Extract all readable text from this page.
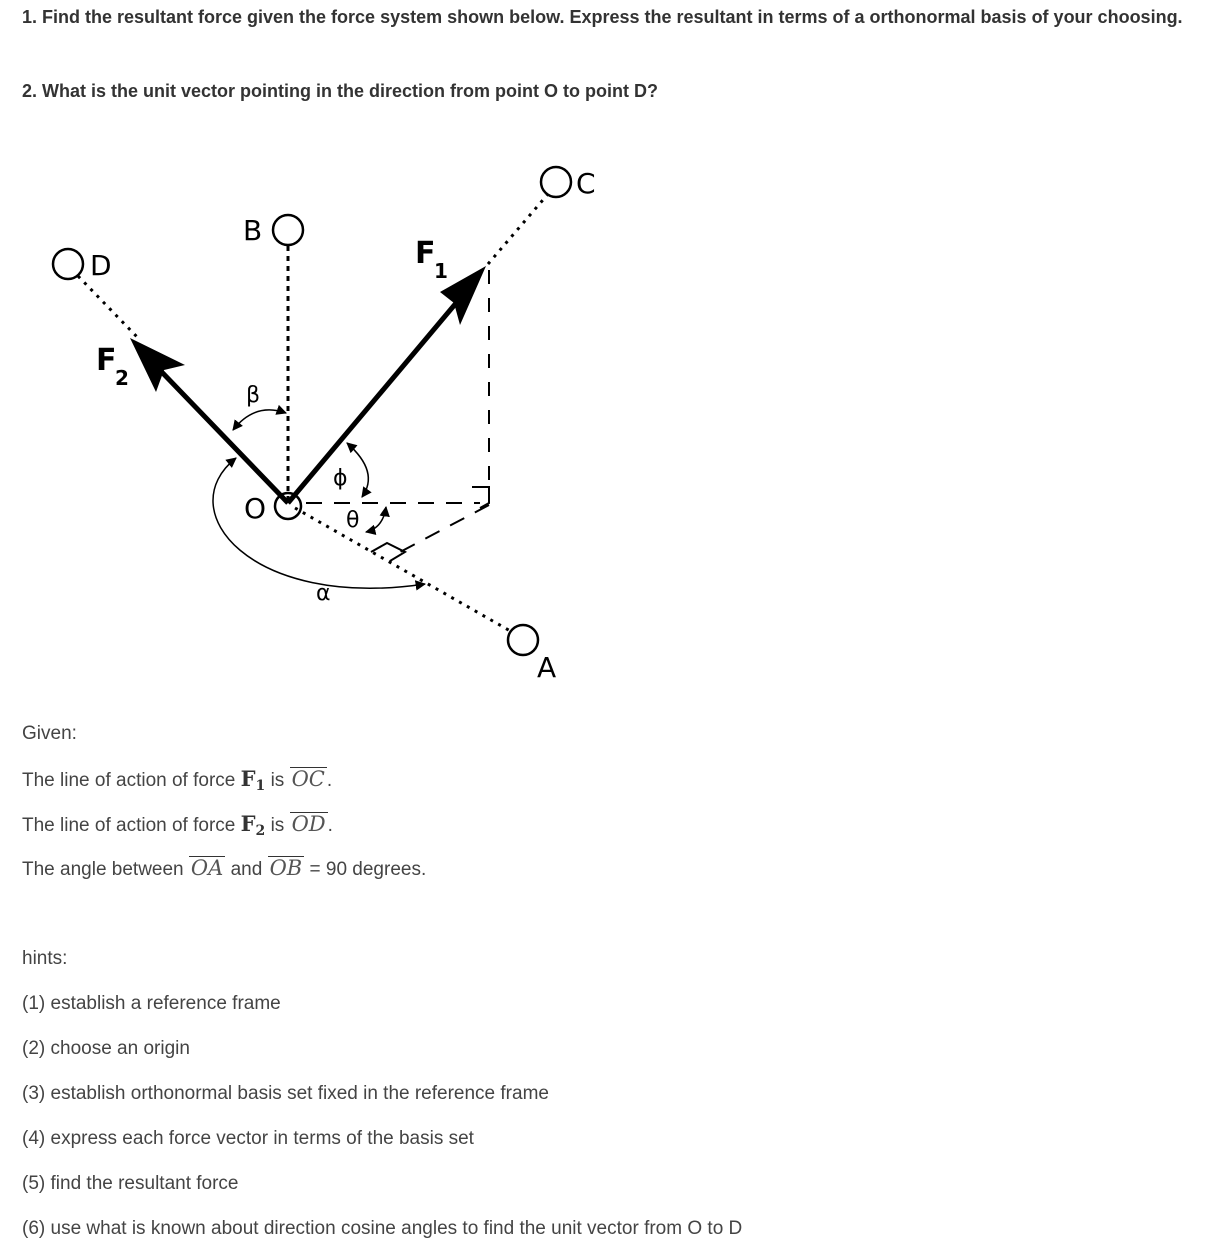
1. Find the resultant force given the force system shown below. Express the resultant in terms of a orthonormal basis of your choosing.

2. What is the unit vector pointing in the direction from point O to point D?

O
B
C
D
A
F
1
F
2
β
ϕ
θ
α

Given:

The line of action of force $F_1$ is OC .

The line of action of force $F_2$ is OD .

The angle between OA and OB = 90 degrees.

hints:

(1) establish a reference frame

(2) choose an origin

(3) establish orthonormal basis set fixed in the reference frame

(4) express each force vector in terms of the basis set

(5) find the resultant force

(6) use what is known about direction cosine angles to find the unit vector from O to D
